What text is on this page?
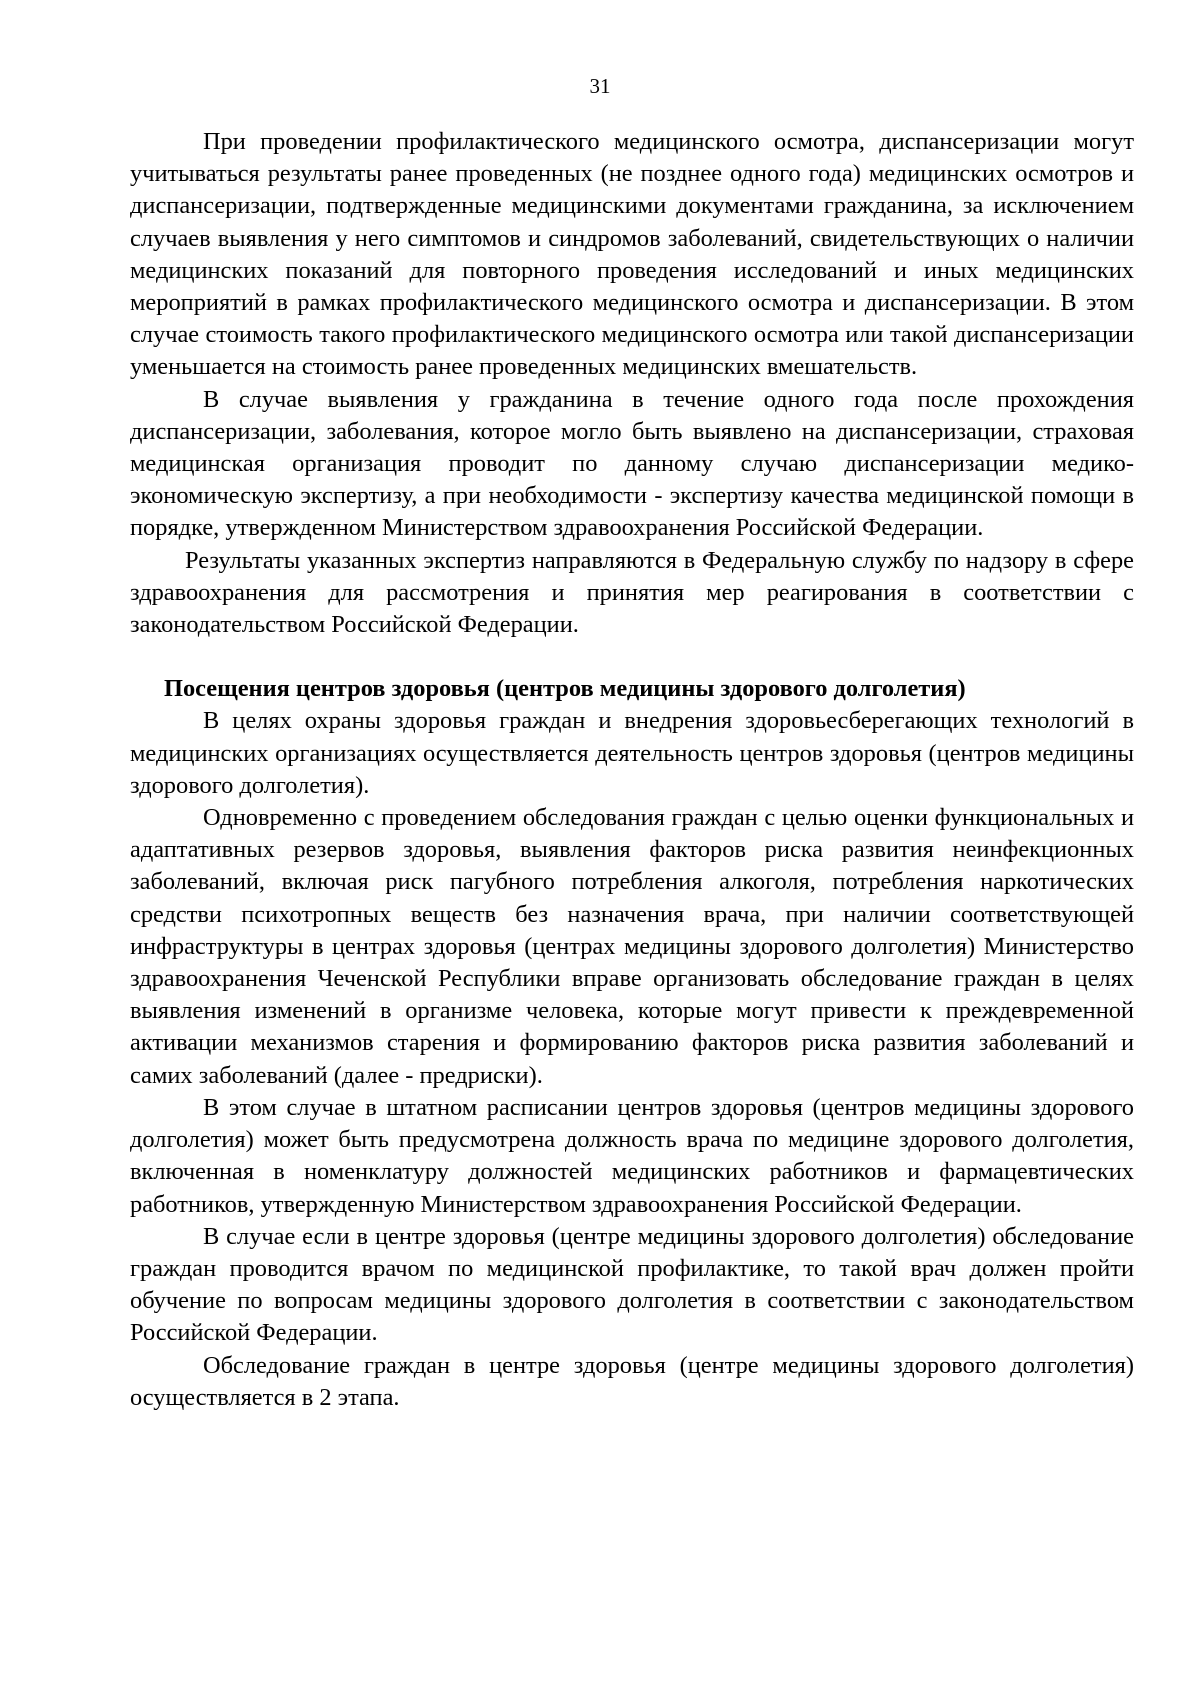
31

При проведении профилактического медицинского осмотра, диспансеризации могут учитываться результаты ранее проведенных (не позднее одного года) медицинских осмотров и диспансеризации, подтвержденные медицинскими документами гражданина, за исключением случаев выявления у него симптомов и синдромов заболеваний, свидетельствующих о наличии медицинских показаний для повторного проведения исследований и иных медицинских мероприятий в рамках профилактического медицинского осмотра и диспансеризации. В этом случае стоимость такого профилактического медицинского осмотра или такой диспансеризации уменьшается на стоимость ранее проведенных медицинских вмешательств.

В случае выявления у гражданина в течение одного года после прохождения диспансеризации, заболевания, которое могло быть выявлено на диспансеризации, страховая медицинская организация проводит по данному случаю диспансеризации медико-экономическую экспертизу, а при необходимости - экспертизу качества медицинской помощи в порядке, утвержденном Министерством здравоохранения Российской Федерации.

Результаты указанных экспертиз направляются в Федеральную службу по надзору в сфере здравоохранения для рассмотрения и принятия мер реагирования в соответствии с законодательством Российской Федерации.

Посещения центров здоровья (центров медицины здорового долголетия)

В целях охраны здоровья граждан и внедрения здоровьесберегающих технологий в медицинских организациях осуществляется деятельность центров здоровья (центров медицины здорового долголетия).

Одновременно с проведением обследования граждан с целью оценки функциональных и адаптативных резервов здоровья, выявления факторов риска развития неинфекционных заболеваний, включая риск пагубного потребления алкоголя, потребления наркотических средстви психотропных веществ без назначения врача, при наличии соответствующей инфраструктуры в центрах здоровья (центрах медицины здорового долголетия) Министерство здравоохранения Чеченской Республики вправе организовать обследование граждан в целях выявления изменений в организме человека, которые могут привести к преждевременной активации механизмов старения и формированию факторов риска развития заболеваний и самих заболеваний (далее - предриски).

В этом случае в штатном расписании центров здоровья (центров медицины здорового долголетия) может быть предусмотрена должность врача по медицине здорового долголетия, включенная в номенклатуру должностей медицинских работников и фармацевтических работников, утвержденную Министерством здравоохранения Российской Федерации.

В случае если в центре здоровья (центре медицины здорового долголетия) обследование граждан проводится врачом по медицинской профилактике, то такой врач должен пройти обучение по вопросам медицины здорового долголетия в соответствии с законодательством Российской Федерации.

Обследование граждан в центре здоровья (центре медицины здорового долголетия) осуществляется в 2 этапа.
